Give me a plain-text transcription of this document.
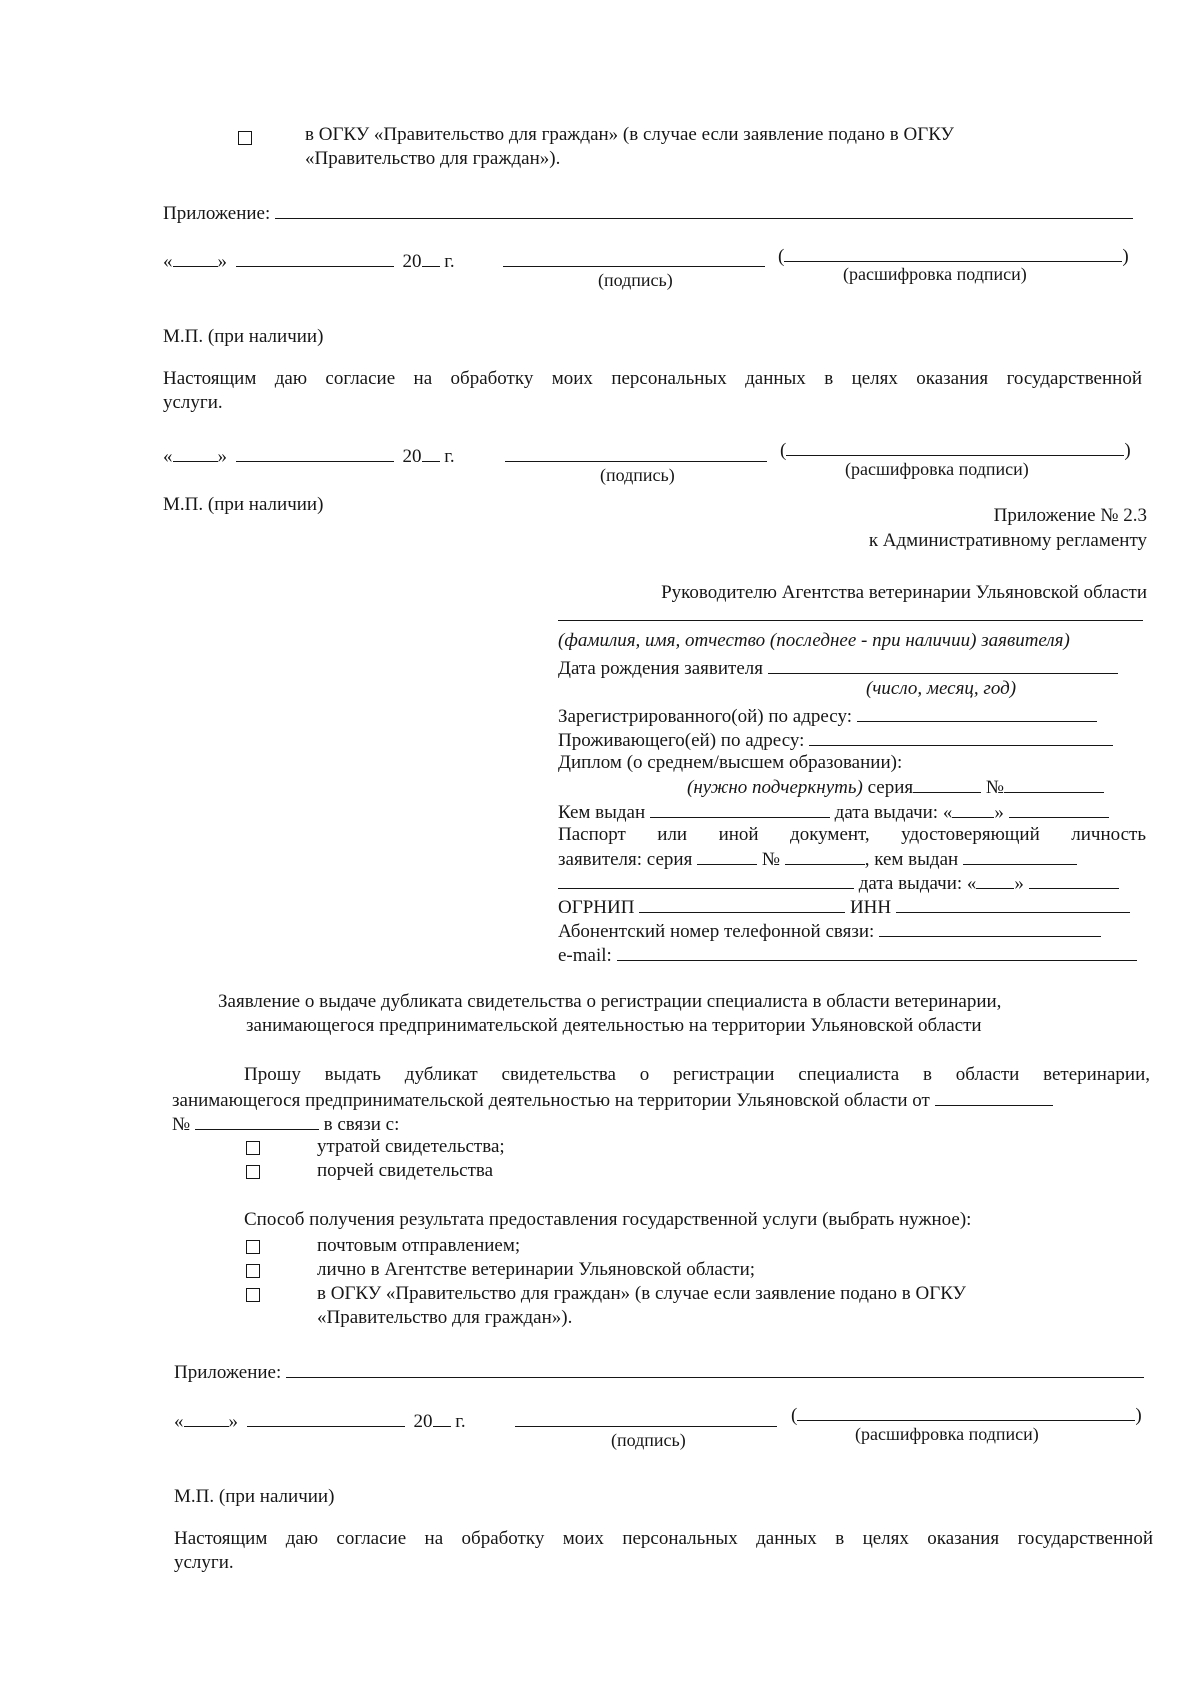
в ОГКУ «Правительство для граждан» (в случае если заявление подано в ОГКУ
«Правительство для граждан»).
Приложение:
« »	20 г.	(	)
(подпись)	(расшифровка подписи)
М.П. (при наличии)
Настоящим даю согласие на обработку моих персональных данных в целях оказания государственной
услуги.
« »	20 г.	(	)
(подпись)	(расшифровка подписи)
М.П. (при наличии)
Приложение № 2.3
к Административному регламенту
Руководителю Агентства ветеринарии Ульяновской области
(фамилия, имя, отчество (последнее - при наличии) заявителя)
Дата рождения заявителя
(число, месяц, год)
Зарегистрированного(ой) по адресу:
Проживающего(ей) по адресу:
Диплом (о среднем/высшем образовании):
(нужно подчеркнуть) серия	№
Кем выдан	дата выдачи: « »
Паспорт или иной документ, удостоверяющий личность
заявителя: серия	№	, кем выдан
дата выдачи: « »
ОГРНИП	ИНН
Абонентский номер телефонной связи:
e-mail:
Заявление о выдаче дубликата свидетельства о регистрации специалиста в области ветеринарии,
занимающегося предпринимательской деятельностью на территории Ульяновской области
Прошу выдать дубликат свидетельства о регистрации специалиста в области ветеринарии,
занимающегося предпринимательской деятельностью на территории Ульяновской области от
№	в связи с:
утратой свидетельства;
порчей свидетельства
Способ получения результата предоставления государственной услуги (выбрать нужное):
почтовым отправлением;
лично в Агентстве ветеринарии Ульяновской области;
в ОГКУ «Правительство для граждан» (в случае если заявление подано в ОГКУ
«Правительство для граждан»).
Приложение:
« »	20 г.	(	)
(подпись)	(расшифровка подписи)
М.П. (при наличии)
Настоящим даю согласие на обработку моих персональных данных в целях оказания государственной
услуги.
